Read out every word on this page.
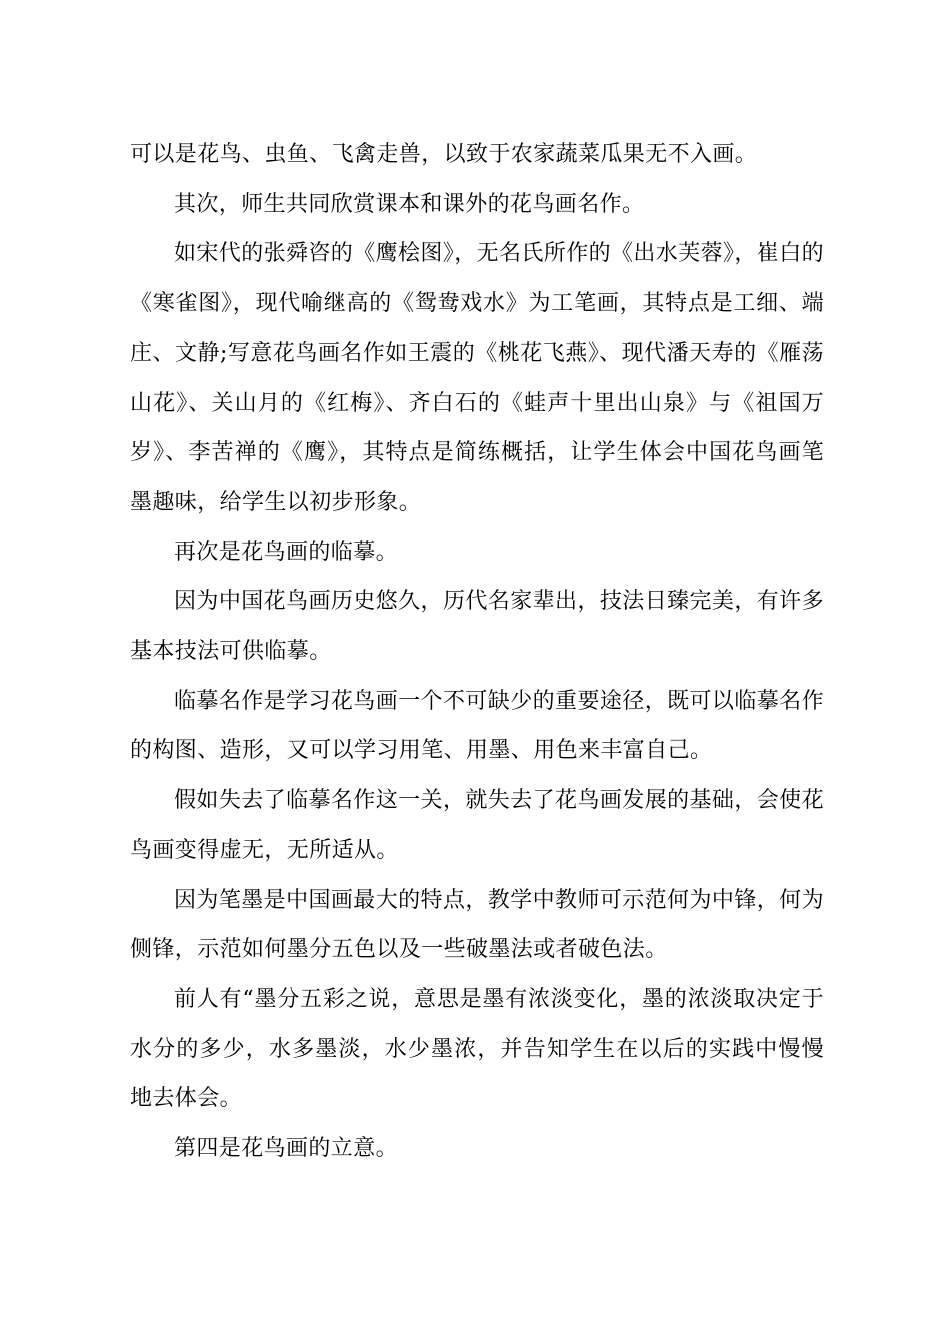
可以是花鸟、虫鱼、飞禽走兽，以致于农家蔬菜瓜果无不入画。

其次，师生共同欣赏课本和课外的花鸟画名作。

如宋代的张舜咨的《鹰桧图》，无名氏所作的《出水芙蓉》，崔白的《寒雀图》，现代喻继高的《鸳鸯戏水》为工笔画，其特点是工细、端庄、文静;写意花鸟画名作如王震的《桃花飞燕》、现代潘天寿的《雁荡山花》、关山月的《红梅》、齐白石的《蛙声十里出山泉》与《祖国万岁》、李苦禅的《鹰》，其特点是简练概括，让学生体会中国花鸟画笔墨趣味，给学生以初步形象。

再次是花鸟画的临摹。

因为中国花鸟画历史悠久，历代名家辈出，技法日臻完美，有许多基本技法可供临摹。

临摹名作是学习花鸟画一个不可缺少的重要途径，既可以临摹名作的构图、造形，又可以学习用笔、用墨、用色来丰富自己。

假如失去了临摹名作这一关，就失去了花鸟画发展的基础，会使花鸟画变得虚无，无所适从。

因为笔墨是中国画最大的特点，教学中教师可示范何为中锋，何为侧锋，示范如何墨分五色以及一些破墨法或者破色法。

前人有“墨分五彩之说，意思是墨有浓淡变化，墨的浓淡取决定于水分的多少，水多墨淡，水少墨浓，并告知学生在以后的实践中慢慢地去体会。

第四是花鸟画的立意。
